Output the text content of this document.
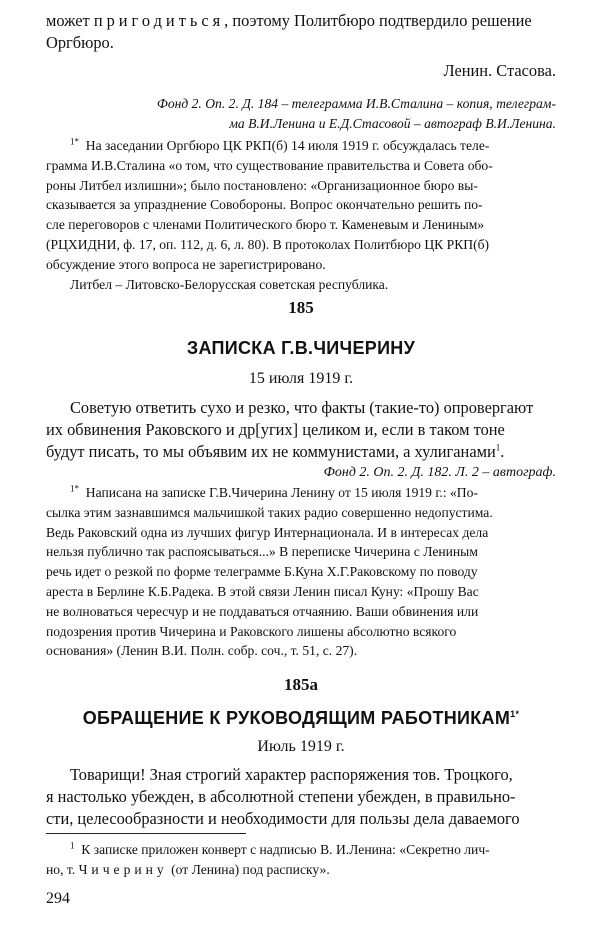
может пригодиться, поэтому Политбюро подтвердило решение

Оргбюро.

Ленин. Стасова.

Фонд 2. Оп. 2. Д. 184 – телеграмма И.В.Сталина – копия, телеграм-

ма В.И.Ленина и Е.Д.Стасовой – автограф В.И.Ленина.

$^{1*}$ На заседании Оргбюро ЦК РКП(б) 14 июля 1919 г. обсуждалась теле-

грамма И.В.Сталина «о том, что существование правительства и Совета обо-

роны Литбел излишни»; было постановлено: «Организационное бюро вы-

сказывается за упразднение Совобороны. Вопрос окончательно решить по-

сле переговоров с членами Политического бюро т. Каменевым и Лениным»

(РЦХИДНИ, ф. 17, оп. 112, д. 6, л. 80). В протоколах Политбюро ЦК РКП(б)

обсуждение этого вопроса не зарегистрировано.

Литбел – Литовско-Белорусская советская республика.

185
ЗАПИСКА Г.В.ЧИЧЕРИНУ
15 июля 1919 г.

Советую ответить сухо и резко, что факты (такие-то) опровергают

их обвинения Раковского и др[угих] целиком и, если в таком тоне

будут писать, то мы объявим их не коммунистами, а хулиганами$^1$.

Фонд 2. Оп. 2. Д. 182. Л. 2 – автограф.

$^{1*}$ Написана на записке Г.В.Чичерина Ленину от 15 июля 1919 г.: «По-

сылка этим зазнавшимся мальчишкой таких радио совершенно недопустима.

Ведь Раковский одна из лучших фигур Интернационала. И в интересах дела

нельзя публично так распоясываться...» В переписке Чичерина с Лениным

речь идет о резкой по форме телеграмме Б.Куна Х.Г.Раковскому по поводу

ареста в Берлине К.Б.Радека. В этой связи Ленин писал Куну: «Прошу Вас

не волноваться чересчур и не поддаваться отчаянию. Ваши обвинения или

подозрения против Чичерина и Раковского лишены абсолютно всякого

основания» (Ленин В.И. Полн. собр. соч., т. 51, с. 27).

185а
ОБРАЩЕНИЕ К РУКОВОДЯЩИМ $РАБОТНИКАМ^{1*}$
Июль 1919 г.

Товарищи! Зная строгий характер распоряжения тов. Троцкого,

я настолько убежден, в абсолютной степени убежден, в правильно-

сти, целесообразности и необходимости для пользы дела даваемого

$^1$ К записке приложен конверт с надписью В. И.Ленина: «Секретно лич-

но, т. Чичерину (от Ленина) под расписку».

294
